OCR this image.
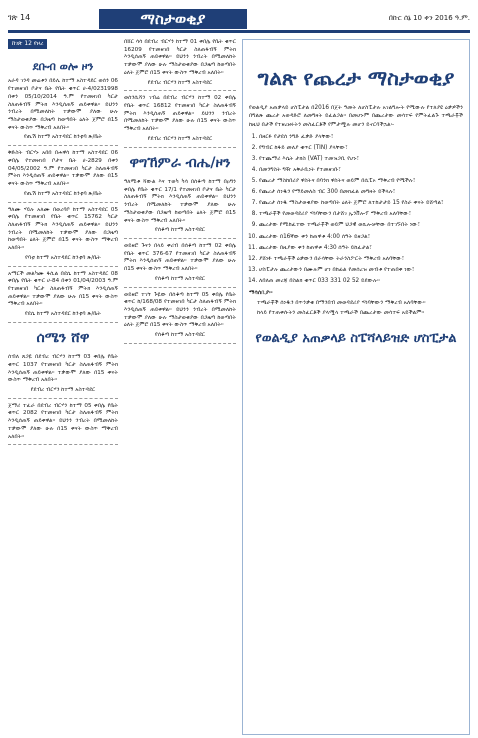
ገጽ 14	ማስታወቂያ	በኩር ሰኔ 10 ቀን 2016 ዓ.ም.
ከገጽ 12 የዞረ
ደቡብ ወሎ ዞን
አራዳ ገንዳ መሬቱን በይሊ ከተማ አስተዳደር ወሰን 06 የተመዘገበ ቦታና ቤት የቤት ቁጥር ሀ-4/0231998 በቀን 05/10/2014 ዓ.ም የተመዘገበ ካርታ ስለጠፋብኝ ምትክ እንዲሰጠኝ ጠይቀዋል። ይህንን ንብረት በሚመለከት ተቃውሞ ያለው ሁሉ ማስታወቂያው በጋዜጣ ከወጣበት ዕለት ጀምሮ በ15 ቀናት ውስጥ ማቅረብ አለበት።
የጢሽ ከተማ አስተዳደር ከንቲባ ጽ/ቤት
ቅድስት ብርሃኑ አበበ በሐዋሳ ከተማ አስተዳደር 06 ቀበሌ የተመዘገበ ቦታና ቤት ሀ-2829 በቀን 04/05/2002 ዓ.ም የተመዘገበ ካርታ ስለጠፋብኝ ምትክ እንዲሰጠኝ ጠይቀዋል። ተቃውሞ ያለው በ15 ቀናት ውስጥ ማቅረብ አለበት።
የጢሽ ከተማ አስተዳደር ከንቲባ ጽ/ቤት
ዓለሙ ሃይሉ አለሙ በወረባቦ ከተማ አስተዳደር 05 ቀበሌ የተመዘገበ የቤት ቁጥር 15762 ካርታ ስለጠፋብኝ ምትክ እንዲሰጠኝ ጠይቀዋል። ይህንን ንብረት በሚመለከት ተቃውሞ ያለው በጋዜጣ ከወጣበት ዕለት ጀምሮ በ15 ቀናት ውስጥ ማቅረብ አለበት።
የባቲ ከተማ አስተዳደር ከንቲባ ጽ/ቤት
አማርች መልካሙ ፋሲል በደሴ ከተማ አስተዳደር 08 ቀበሌ የቤት ቁጥር ሀ-84 በቀን 01/04/2003 ዓ.ም የተመዘገበ ካርታ ስለጠፋብኝ ምትክ እንዲሰጠኝ ጠይቀዋል። ተቃውሞ ያለው ሁሉ በ15 ቀናት ውስጥ ማቅረብ አለበት።
የደሴ ከተማ አስተዳደር ከንቲባ ጽ/ቤት
ሰሜን ሸዋ
ሰብለ ጸጋዬ በደብረ ብርሃን ከተማ 03 ቀበሌ የቤት ቁጥር 1037 የተመዘገበ ካርታ ስለጠፋብኝ ምትክ እንዲሰጠኝ ጠይቀዋል። ተቃውሞ ያለው በ15 ቀናት ውስጥ ማቅረብ አለበት።
የደብረ ብርሃን ከተማ አስተዳደር
ጀማሪ ተፈራ በደብረ ብርሃን ከተማ 05 ቀበሌ የቤት ቁጥር 2082 የተመዘገበ ካርታ ስለጠፋብኝ ምትክ እንዲሰጠኝ ጠይቀዋል። ይህንን ንብረት በሚመለከት ተቃውሞ ያለው ሁሉ በ15 ቀናት ውስጥ ማቅረብ አለበት።
በሸር ሳሳ በደብረ ብርሃን ከተማ 01 ቀበሌ የቤት ቁጥር 16209 የተመዘገበ ካርታ ስለጠፋብኝ ምትክ እንዲሰጠኝ ጠይቀዋል። ይህንን ንብረት በሚመለከት ተቃውሞ ያለው ሁሉ ማስታወቂያው በጋዜጣ ከወጣበት ዕለት ጀምሮ በ15 ቀናት ውስጥ ማቅረብ አለበት።
የደብረ ብርሃን ከተማ አስተዳደር
ወሰንሲሻን ገብሬ በደብረ ብርሃን ከተማ 02 ቀበሌ የቤት ቁጥር 16812 የተመዘገበ ካርታ ስለጠፋብኝ ምትክ እንዲሰጠኝ ጠይቀዋል። ይህንን ንብረት በሚመለከት ተቃውሞ ያለው ሁሉ በ15 ቀናት ውስጥ ማቅረብ አለበት።
የደብረ ብርሃን ከተማ አስተዳደር
ዋግኸምራ ብሔ/ዞን
ዓለሚቱ ሻውል እና ተወካ ካሳ በሰቆጣ ከተማ በዐግን ቀበሌ የቤት ቁጥር 17/1 የተመዘገበ ቦታና ቤት ካርታ ስለጠፋብኝ ምትክ እንዲሰጠኝ ጠይቀዋል። ይህንን ንብረት በሚመለከት ተቃውሞ ያለው ሁሉ ማስታወቂያው በጋዜጣ ከወጣበት ዕለት ጀምሮ በ15 ቀናት ውስጥ ማቅረብ አለበት።
የሰቆጣ ከተማ አስተዳደር
ወይዘሮ ጉናን በላይ ቀሪብ በሰቆጣ ከተማ 02 ቀበሌ የቤት ቁጥር 376-67 የተመዘገበ ካርታ ስለጠፋብኝ ምትክ እንዲሰጠኝ ጠይቀዋል። ተቃውሞ ያለው ሁሉ በ15 ቀናት ውስጥ ማቅረብ አለበት።
የሰቆጣ ከተማ አስተዳደር
ወይዘሮ ተገኘ ጉዬው በሰቆጣ ከተማ 05 ቀበሌ የቤት ቁጥር ከ/168/08 የተመዘገበ ካርታ ስለጠፋብኝ ምትክ እንዲሰጠኝ ጠይቀዋል። ይህንን ንብረት በሚመለከት ተቃውሞ ያለው ሁሉ ማስታወቂያው በጋዜጣ ከወጣበት ዕለት ጀምሮ በ15 ቀናት ውስጥ ማቅረብ አለበት።
የሰቆጣ ከተማ አስተዳደር
ግልጽ የጨረታ ማስታወቂያ
የወልዲያ አጠቃላይ ሆስፒታል በ2016 በጀት ዓመት ለሆስፒታሉ አገልግሎት የሚውሉ የተለያዩ ዕቃዎችን በግልጽ ጨረታ አወዳድሮ ለመግዛት ይፈልጋል። በመሆኑም በጨረታው መሳተፍ የምትፈልጉ ተጫራቾች ከዚህ በታች የተዘረዘሩትን መስፈርቶች የምታሟሉ መሆን ይኖርባችኋል፡-
1. በዘርፉ የታደሰ ንግድ ፈቃድ ያላቸው፣
2. የግብር ከፋይ መለያ ቁጥር (TIN) ያላቸው፣
3. የተጨማሪ እሴት ታክስ (VAT) ተመዝጋቢ የሆኑ፣
4. በመንግስት ግዥ አቅራቢነት የተመዘገቡ፣
5. የጨረታ ማስከበሪያ ዋስትና በባንክ ዋስትና ወይም በሲፒኦ ማቅረብ የሚችሉ፣
6. የጨረታ ሰነዱን የማይመለስ ብር 300 በመክፈል መግዛት ይችላሉ፣
7. የጨረታ ሰነዱ ማስታወቂያው ከወጣበት ዕለት ጀምሮ ለተከታታይ 15 የስራ ቀናት ይሸጣል፣
8. ተጫራቾች የመወዳደሪያ ሃሳባቸውን በታሸገ ኢንቨሎፕ ማቅረብ አለባቸው፣
9. ጨረታው የሚከፈተው ተጫራቾች ወይም ህጋዊ ወኪሎቻቸው በተገኙበት ነው፣
10. ጨረታው በ16ኛው ቀን ከጠዋቱ 4:00 ሰዓት ይዘጋል፣
11. ጨረታው በዚያው ቀን ከጠዋቱ 4:30 ሰዓት ይከፈታል፣
12. ያሸነፉ ተጫራቾች ዕቃውን በራሳቸው ትራንስፖርት ማቅረብ አለባቸው፣
13. ሆስፒታሉ ጨረታውን በሙሉም ሆነ በከፊል የመሰረዝ መብቱ የተጠበቀ ነው፣
14. ለበለጠ መረጃ በስልክ ቁጥር 033 331 02 52 ይደውሉ፡፡
ማሳሰቢያ፡-
ተጫራቾች ሰነዱን በጥንቃቄ በማንበብ መወዳደሪያ ሃሳባቸውን ማቅረብ አለባቸው፡፡
ከላይ የተጠቀሱትን መስፈርቶች ያላሟላ ተጫራች በጨረታው መሳተፍ አይችልም፡፡
የወልዲያ አጠቃላይ ስፔሻላይዝድ ሆስፒታል
